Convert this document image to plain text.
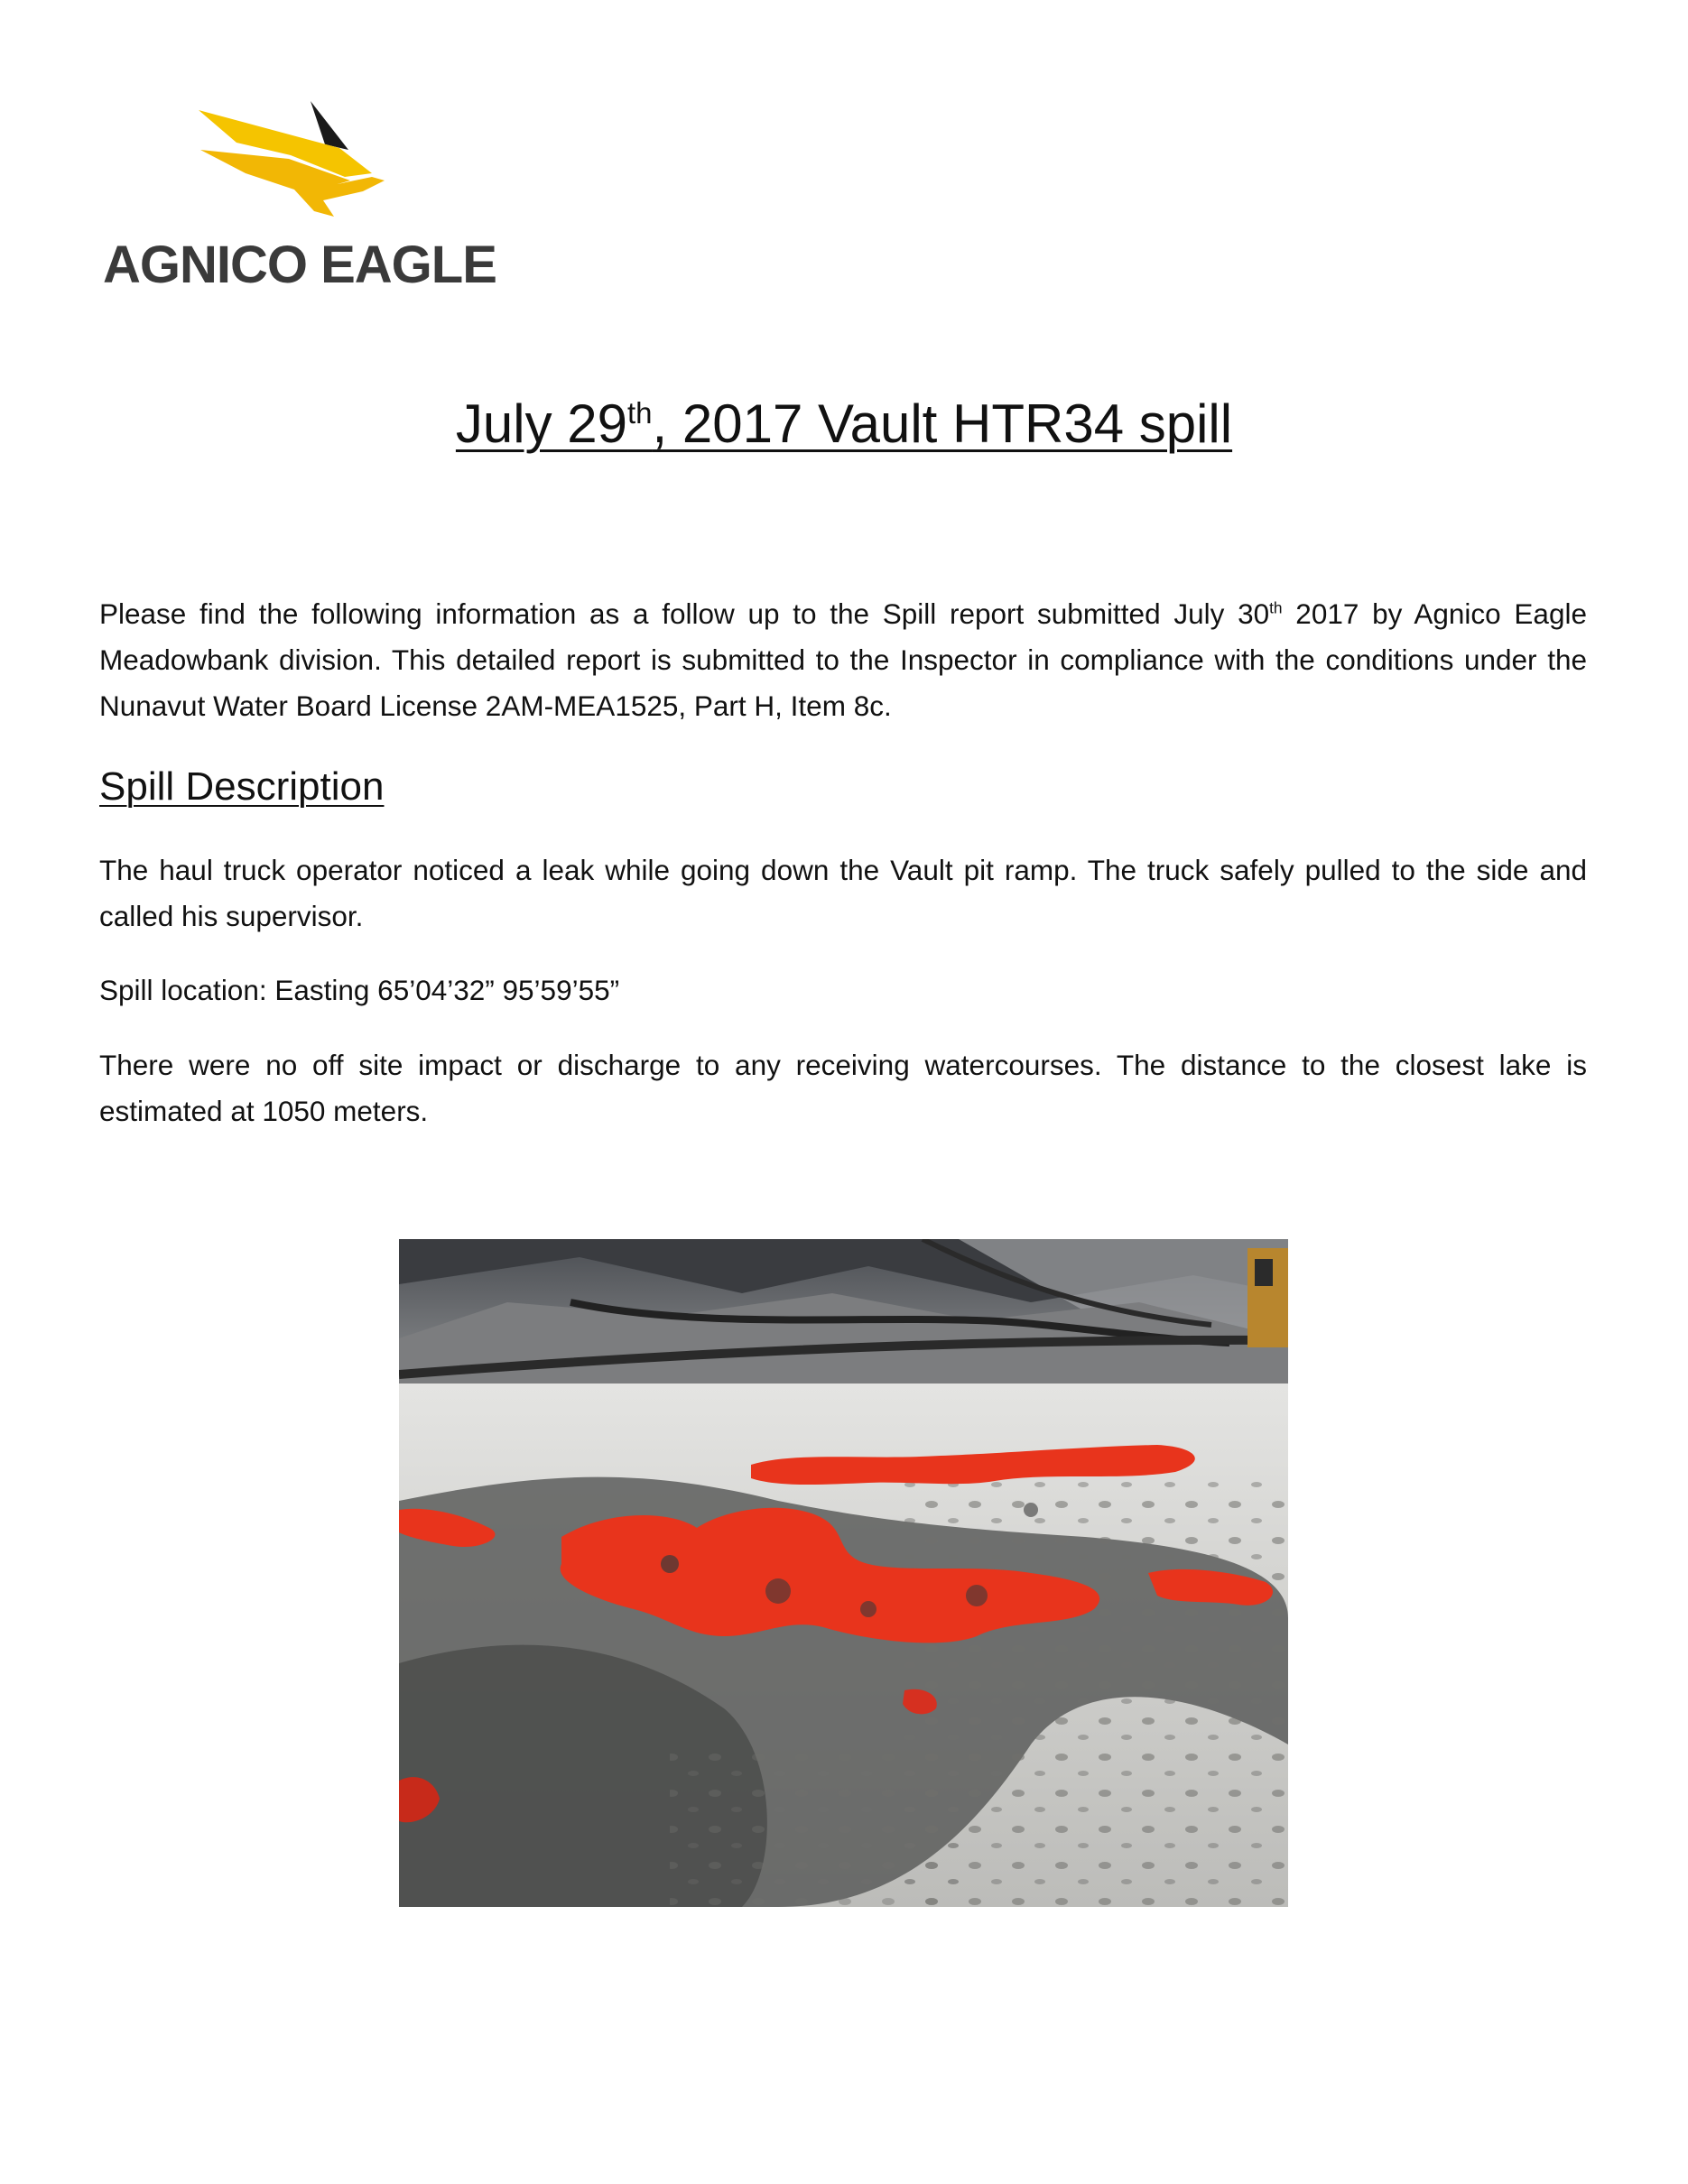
AGNICO EAGLE
July 29th, 2017 Vault HTR34 spill

Please find the following information as a follow up to the Spill report submitted July 30th 2017 by Agnico Eagle Meadowbank division. This detailed report is submitted to the Inspector in compliance with the conditions under the Nunavut Water Board License 2AM-MEA1525, Part H, Item 8c.

Spill Description

The haul truck operator noticed a leak while going down the Vault pit ramp. The truck safely pulled to the side and called his supervisor.

Spill location: Easting 65’04’32” 95’59’55”

There were no off site impact or discharge to any receiving watercourses. The distance to the closest lake is estimated at 1050 meters.
